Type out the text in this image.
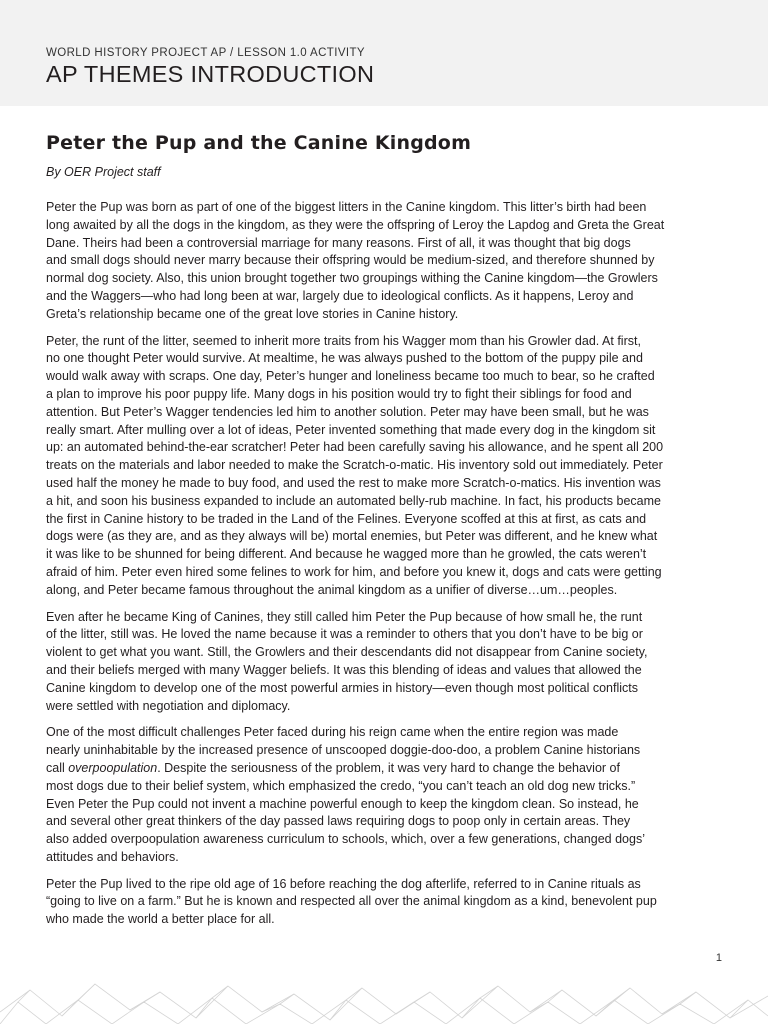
WORLD HISTORY PROJECT AP / LESSON 1.0 ACTIVITY
AP THEMES INTRODUCTION
Peter the Pup and the Canine Kingdom
By OER Project staff
Peter the Pup was born as part of one of the biggest litters in the Canine kingdom. This litter’s birth had been
long awaited by all the dogs in the kingdom, as they were the offspring of Leroy the Lapdog and Greta the Great
Dane. Theirs had been a controversial marriage for many reasons. First of all, it was thought that big dogs
and small dogs should never marry because their offspring would be medium-sized, and therefore shunned by
normal dog society. Also, this union brought together two groupings withing the Canine kingdom—the Growlers
and the Waggers—who had long been at war, largely due to ideological conflicts. As it happens, Leroy and
Greta’s relationship became one of the great love stories in Canine history.
Peter, the runt of the litter, seemed to inherit more traits from his Wagger mom than his Growler dad. At first,
no one thought Peter would survive. At mealtime, he was always pushed to the bottom of the puppy pile and
would walk away with scraps. One day, Peter’s hunger and loneliness became too much to bear, so he crafted
a plan to improve his poor puppy life. Many dogs in his position would try to fight their siblings for food and
attention. But Peter’s Wagger tendencies led him to another solution. Peter may have been small, but he was
really smart. After mulling over a lot of ideas, Peter invented something that made every dog in the kingdom sit
up: an automated behind-the-ear scratcher! Peter had been carefully saving his allowance, and he spent all 200
treats on the materials and labor needed to make the Scratch-o-matic. His inventory sold out immediately. Peter
used half the money he made to buy food, and used the rest to make more Scratch-o-matics. His invention was
a hit, and soon his business expanded to include an automated belly-rub machine. In fact, his products became
the first in Canine history to be traded in the Land of the Felines. Everyone scoffed at this at first, as cats and
dogs were (as they are, and as they always will be) mortal enemies, but Peter was different, and he knew what
it was like to be shunned for being different. And because he wagged more than he growled, the cats weren’t
afraid of him. Peter even hired some felines to work for him, and before you knew it, dogs and cats were getting
along, and Peter became famous throughout the animal kingdom as a unifier of diverse…um…peoples.
Even after he became King of Canines, they still called him Peter the Pup because of how small he, the runt
of the litter, still was. He loved the name because it was a reminder to others that you don’t have to be big or
violent to get what you want. Still, the Growlers and their descendants did not disappear from Canine society,
and their beliefs merged with many Wagger beliefs. It was this blending of ideas and values that allowed the
Canine kingdom to develop one of the most powerful armies in history—even though most political conflicts
were settled with negotiation and diplomacy.
One of the most difficult challenges Peter faced during his reign came when the entire region was made
nearly uninhabitable by the increased presence of unscooped doggie-doo-doo, a problem Canine historians
call overpoopulation. Despite the seriousness of the problem, it was very hard to change the behavior of
most dogs due to their belief system, which emphasized the credo, “you can’t teach an old dog new tricks.”
Even Peter the Pup could not invent a machine powerful enough to keep the kingdom clean. So instead, he
and several other great thinkers of the day passed laws requiring dogs to poop only in certain areas. They
also added overpoopulation awareness curriculum to schools, which, over a few generations, changed dogs’
attitudes and behaviors.
Peter the Pup lived to the ripe old age of 16 before reaching the dog afterlife, referred to in Canine rituals as
“going to live on a farm.” But he is known and respected all over the animal kingdom as a kind, benevolent pup
who made the world a better place for all.
1
